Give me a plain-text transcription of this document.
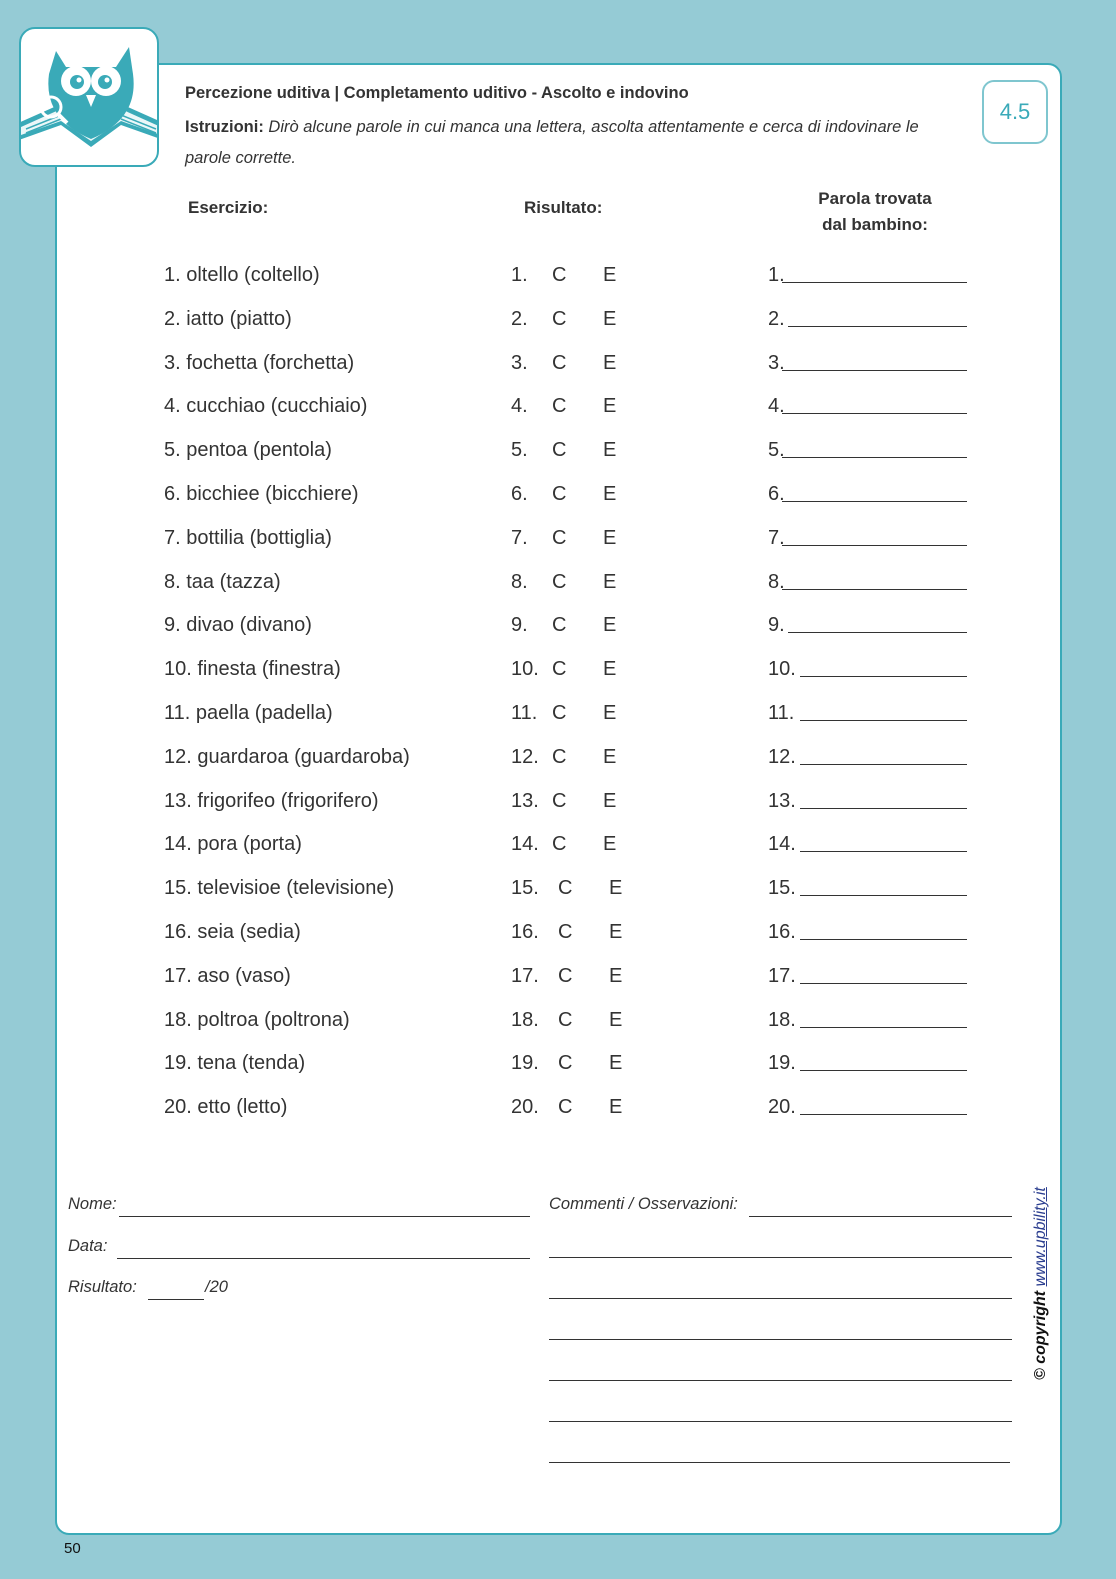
4.5
Percezione uditiva | Completamento uditivo - Ascolto e indovino
Istruzioni: Dirò alcune parole in cui manca una lettera, ascolta attentamente e cerca di indovinare le parole corrette.
Esercizio:	Risultato:	Parola trovata
dal bambino:
1. oltello (coltello)	1. C E	1.
2. iatto (piatto)	2. C E	2.
3. fochetta (forchetta)	3. C E	3.
4. cucchiao (cucchiaio)	4. C E	4.
5. pentoa (pentola)	5. C E	5.
6. bicchiee (bicchiere)	6. C E	6.
7. bottilia (bottiglia)	7. C E	7.
8. taa (tazza)	8. C E	8.
9. divao (divano)	9. C E	9.
10. finesta (finestra)	10. C E	10.
11. paella (padella)	11. C E	11.
12. guardaroa (guardaroba)	12. C E	12.
13. frigorifeo (frigorifero)	13. C E	13.
14. pora (porta)	14. C E	14.
15. televisioe (televisione)	15. C E	15.
16. seia (sedia)	16. C E	16.
17. aso (vaso)	17. C E	17.
18. poltroa (poltrona)	18. C E	18.
19. tena (tenda)	19. C E	19.
20. etto (letto)	20. C E	20.
Nome:
Data:
Risultato:	/20
Commenti / Osservazioni:
© copyright www.upbility.it
50
